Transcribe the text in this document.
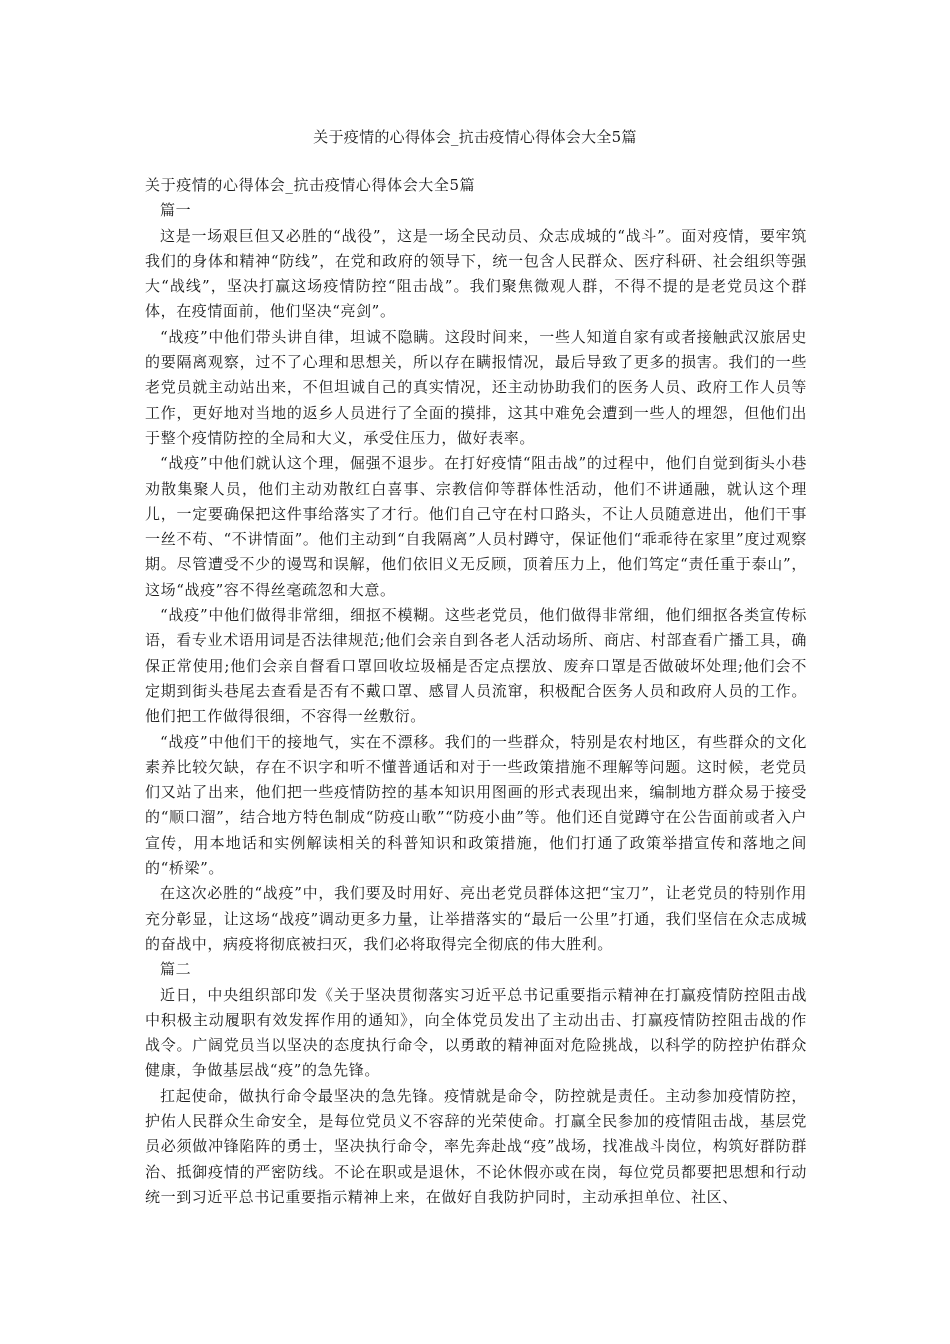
关于疫情的心得体会_抗击疫情心得体会大全5篇

关于疫情的心得体会_抗击疫情心得体会大全5篇

篇一

这是一场艰巨但又必胜的“战役”，这是一场全民动员、众志成城的“战斗”。面对疫情，要牢筑我们的身体和精神“防线”，在党和政府的领导下，统一包含人民群众、医疗科研、社会组织等强大“战线”，坚决打赢这场疫情防控“阻击战”。我们聚焦微观人群，不得不提的是老党员这个群体，在疫情面前，他们坚决“亮剑”。

“战疫”中他们带头讲自律，坦诚不隐瞒。这段时间来，一些人知道自家有或者接触武汉旅居史的要隔离观察，过不了心理和思想关，所以存在瞒报情况，最后导致了更多的损害。我们的一些老党员就主动站出来，不但坦诚自己的真实情况，还主动协助我们的医务人员、政府工作人员等工作，更好地对当地的返乡人员进行了全面的摸排，这其中难免会遭到一些人的埋怨，但他们出于整个疫情防控的全局和大义，承受住压力，做好表率。

“战疫”中他们就认这个理，倔强不退步。在打好疫情“阻击战”的过程中，他们自觉到街头小巷劝散集聚人员，他们主动劝散红白喜事、宗教信仰等群体性活动，他们不讲通融，就认这个理儿，一定要确保把这件事给落实了才行。他们自己守在村口路头，不让人员随意进出，他们干事一丝不苟、“不讲情面”。他们主动到“自我隔离”人员村蹲守，保证他们“乖乖待在家里”度过观察期。尽管遭受不少的谩骂和误解，他们依旧义无反顾，顶着压力上，他们笃定“责任重于泰山”，这场“战疫”容不得丝毫疏忽和大意。

“战疫”中他们做得非常细，细抠不模糊。这些老党员，他们做得非常细，他们细抠各类宣传标语，看专业术语用词是否法律规范;他们会亲自到各老人活动场所、商店、村部查看广播工具，确保正常使用;他们会亲自督看口罩回收垃圾桶是否定点摆放、废弃口罩是否做破坏处理;他们会不定期到街头巷尾去查看是否有不戴口罩、感冒人员流窜，积极配合医务人员和政府人员的工作。他们把工作做得很细，不容得一丝敷衍。

“战疫”中他们干的接地气，实在不漂移。我们的一些群众，特别是农村地区，有些群众的文化素养比较欠缺，存在不识字和听不懂普通话和对于一些政策措施不理解等问题。这时候，老党员们又站了出来，他们把一些疫情防控的基本知识用图画的形式表现出来，编制地方群众易于接受的“顺口溜”，结合地方特色制成“防疫山歌”“防疫小曲”等。他们还自觉蹲守在公告面前或者入户宣传，用本地话和实例解读相关的科普知识和政策措施，他们打通了政策举措宣传和落地之间的“桥梁”。

在这次必胜的“战疫”中，我们要及时用好、亮出老党员群体这把“宝刀”，让老党员的特别作用充分彰显，让这场“战疫”调动更多力量，让举措落实的“最后一公里”打通，我们坚信在众志成城的奋战中，病疫将彻底被扫灭，我们必将取得完全彻底的伟大胜利。

篇二

近日，中央组织部印发《关于坚决贯彻落实习近平总书记重要指示精神在打赢疫情防控阻击战中积极主动履职有效发挥作用的通知》，向全体党员发出了主动出击、打赢疫情防控阻击战的作战令。广阔党员当以坚决的态度执行命令，以勇敢的精神面对危险挑战，以科学的防控护佑群众健康，争做基层战“疫”的急先锋。

扛起使命，做执行命令最坚决的急先锋。疫情就是命令，防控就是责任。主动参加疫情防控，护佑人民群众生命安全，是每位党员义不容辞的光荣使命。打赢全民参加的疫情阻击战，基层党员必须做冲锋陷阵的勇士，坚决执行命令，率先奔赴战“疫”战场，找准战斗岗位，构筑好群防群治、抵御疫情的严密防线。不论在职或是退休，不论休假亦或在岗，每位党员都要把思想和行动统一到习近平总书记重要指示精神上来，在做好自我防护同时，主动承担单位、社区、
